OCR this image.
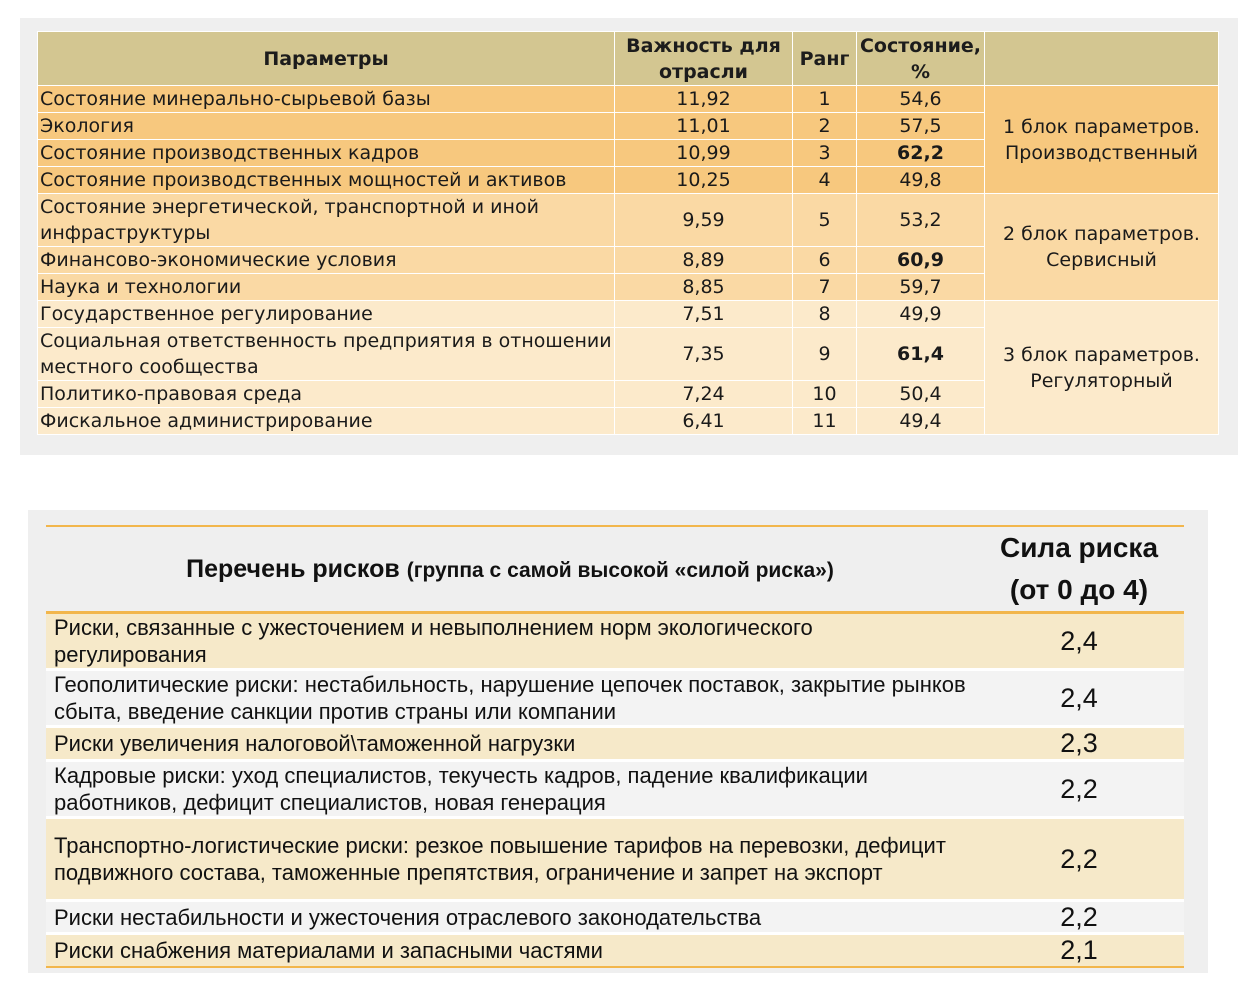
Параметры	Важность для отрасли	Ранг	Состояние, %	
Состояние минерально-сырьевой базы	11,92	1	54,6	1 блок параметров. Производственный
Экология	11,01	2	57,5	
Состояние производственных кадров	10,99	3	62,2	
Состояние производственных мощностей и активов	10,25	4	49,8	
Состояние энергетической, транспортной и иной инфраструктуры	9,59	5	53,2	2 блок параметров. Сервисный
Финансово-экономические условия	8,89	6	60,9	
Наука и технологии	8,85	7	59,7	
Государственное регулирование	7,51	8	49,9	3 блок параметров. Регуляторный
Социальная ответственность предприятия в отношении местного сообщества	7,35	9	61,4	
Политико-правовая среда	7,24	10	50,4	
Фискальное администрирование	6,41	11	49,4	
Перечень рисков (группа с самой высокой «силой риска»)	Сила риска
(от 0 до 4)

Риски, связанные с ужесточением и невыполнением норм экологического регулирования	2,4
Геополитические риски: нестабильность, нарушение цепочек поставок, закрытие рынков сбыта, введение санкции против страны или компании	2,4
Риски увеличения налоговой\таможенной нагрузки	2,3
Кадровые риски: уход специалистов, текучесть кадров, падение квалификации работников, дефицит специалистов, новая генерация	2,2
Транспортно-логистические риски: резкое повышение тарифов на перевозки, дефицит подвижного состава, таможенные препятствия, ограничение и запрет на экспорт	2,2
Риски нестабильности и ужесточения отраслевого законодательства	2,2
Риски снабжения материалами и запасными частями	2,1
